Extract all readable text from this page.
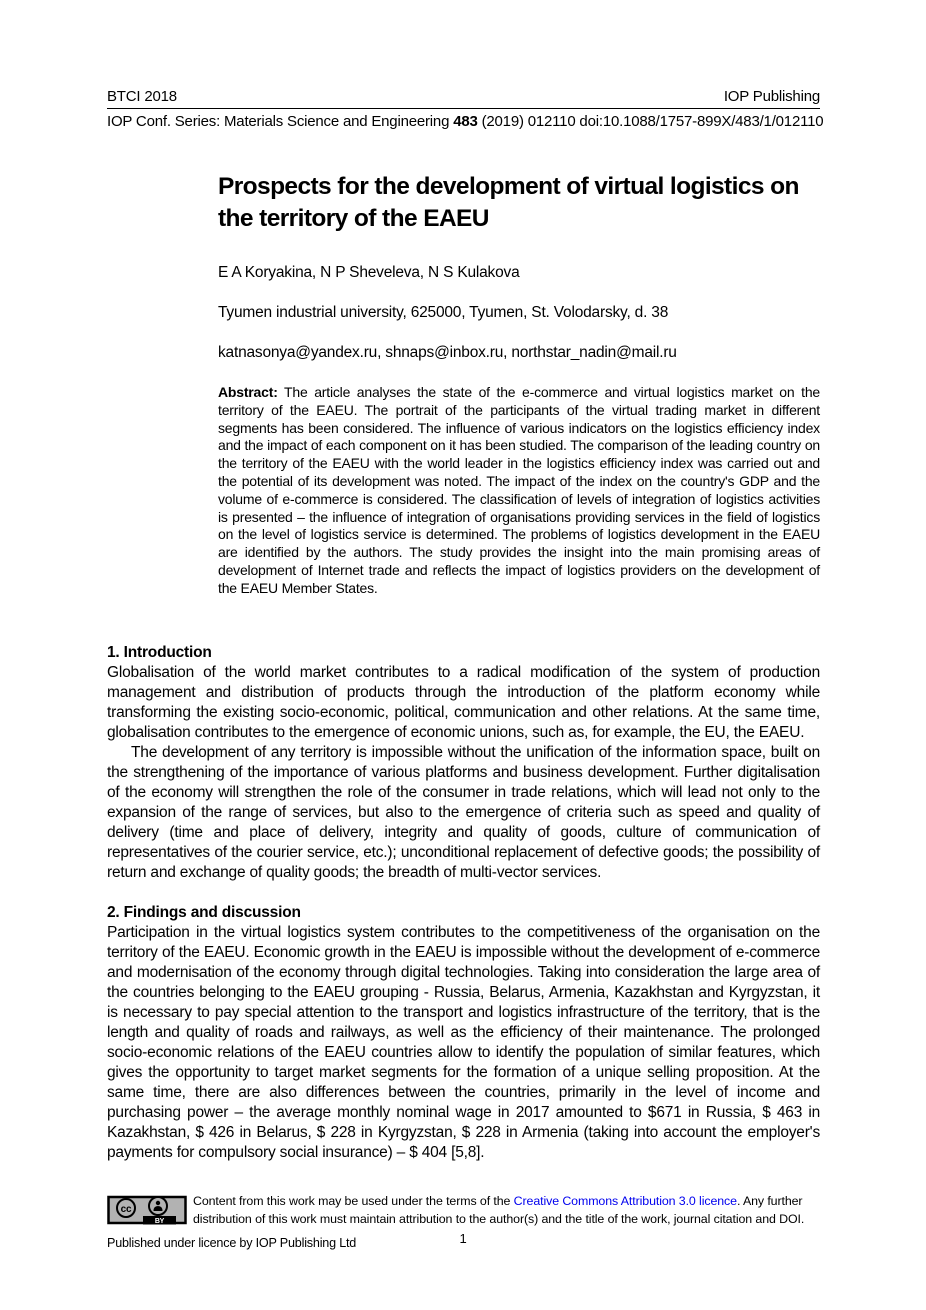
BTCI 2018	IOP Publishing
IOP Conf. Series: Materials Science and Engineering 483 (2019) 012110 doi:10.1088/1757-899X/483/1/012110
Prospects for the development of virtual logistics on the territory of the EAEU
E A Koryakina, N P Sheveleva, N S Kulakova
Tyumen industrial university, 625000, Tyumen, St. Volodarsky, d. 38
katnasonya@yandex.ru, shnaps@inbox.ru, northstar_nadin@mail.ru

Abstract: The article analyses the state of the e-commerce and virtual logistics market on the territory of the EAEU. The portrait of the participants of the virtual trading market in different segments has been considered. The influence of various indicators on the logistics efficiency index and the impact of each component on it has been studied. The comparison of the leading country on the territory of the EAEU with the world leader in the logistics efficiency index was carried out and the potential of its development was noted. The impact of the index on the country's GDP and the volume of e-commerce is considered. The classification of levels of integration of logistics activities is presented – the influence of integration of organisations providing services in the field of logistics on the level of logistics service is determined. The problems of logistics development in the EAEU are identified by the authors. The study provides the insight into the main promising areas of development of Internet trade and reflects the impact of logistics providers on the development of the EAEU Member States.

1. Introduction

Globalisation of the world market contributes to a radical modification of the system of production management and distribution of products through the introduction of the platform economy while transforming the existing socio-economic, political, communication and other relations. At the same time, globalisation contributes to the emergence of economic unions, such as, for example, the EU, the EAEU.

The development of any territory is impossible without the unification of the information space, built on the strengthening of the importance of various platforms and business development. Further digitalisation of the economy will strengthen the role of the consumer in trade relations, which will lead not only to the expansion of the range of services, but also to the emergence of criteria such as speed and quality of delivery (time and place of delivery, integrity and quality of goods, culture of communication of representatives of the courier service, etc.); unconditional replacement of defective goods; the possibility of return and exchange of quality goods; the breadth of multi-vector services.

2. Findings and discussion

Participation in the virtual logistics system contributes to the competitiveness of the organisation on the territory of the EAEU. Economic growth in the EAEU is impossible without the development of e-commerce and modernisation of the economy through digital technologies. Taking into consideration the large area of the countries belonging to the EAEU grouping - Russia, Belarus, Armenia, Kazakhstan and Kyrgyzstan, it is necessary to pay special attention to the transport and logistics infrastructure of the territory, that is the length and quality of roads and railways, as well as the efficiency of their maintenance. The prolonged socio-economic relations of the EAEU countries allow to identify the population of similar features, which gives the opportunity to target market segments for the formation of a unique selling proposition. At the same time, there are also differences between the countries, primarily in the level of income and purchasing power – the average monthly nominal wage in 2017 amounted to $671 in Russia, $ 463 in Kazakhstan, $ 426 in Belarus, $ 228 in Kyrgyzstan, $ 228 in Armenia (taking into account the employer's payments for compulsory social insurance) – $ 404 [5,8].

cc
BY
Content from this work may be used under the terms of the Creative Commons Attribution 3.0 licence. Any further distribution of this work must maintain attribution to the author(s) and the title of the work, journal citation and DOI.
Published under licence by IOP Publishing Ltd	1
